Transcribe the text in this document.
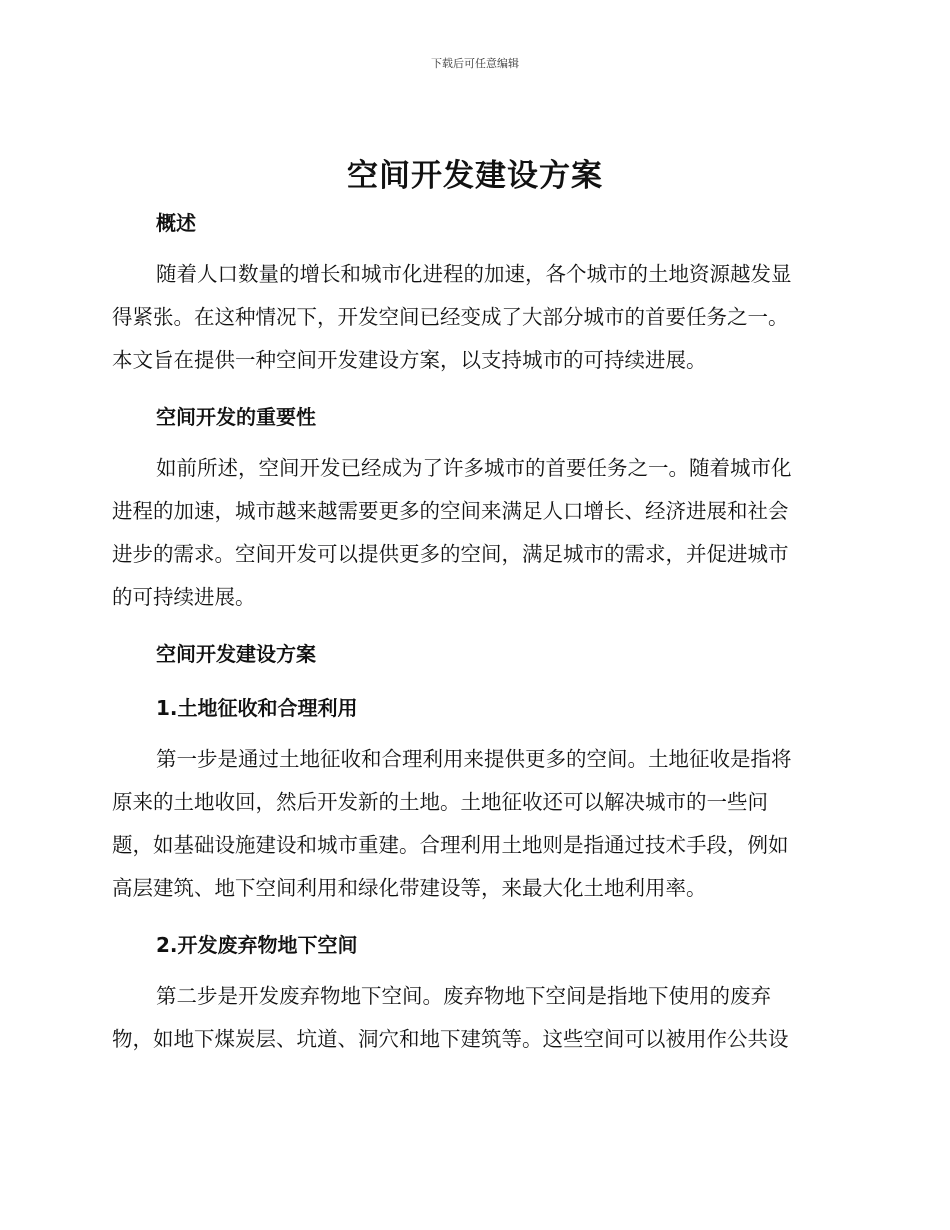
下载后可任意编辑
空间开发建设方案
概述
随着人口数量的增长和城市化进程的加速，各个城市的土地资源越发显
得紧张。在这种情况下，开发空间已经变成了大部分城市的首要任务之一。
本文旨在提供一种空间开发建设方案，以支持城市的可持续进展。
空间开发的重要性
如前所述，空间开发已经成为了许多城市的首要任务之一。随着城市化
进程的加速，城市越来越需要更多的空间来满足人口增长、经济进展和社会
进步的需求。空间开发可以提供更多的空间，满足城市的需求，并促进城市
的可持续进展。
空间开发建设方案
1.土地征收和合理利用
第一步是通过土地征收和合理利用来提供更多的空间。土地征收是指将
原来的土地收回，然后开发新的土地。土地征收还可以解决城市的一些问
题，如基础设施建设和城市重建。合理利用土地则是指通过技术手段，例如
高层建筑、地下空间利用和绿化带建设等，来最大化土地利用率。
2.开发废弃物地下空间
第二步是开发废弃物地下空间。废弃物地下空间是指地下使用的废弃
物，如地下煤炭层、坑道、洞穴和地下建筑等。这些空间可以被用作公共设
